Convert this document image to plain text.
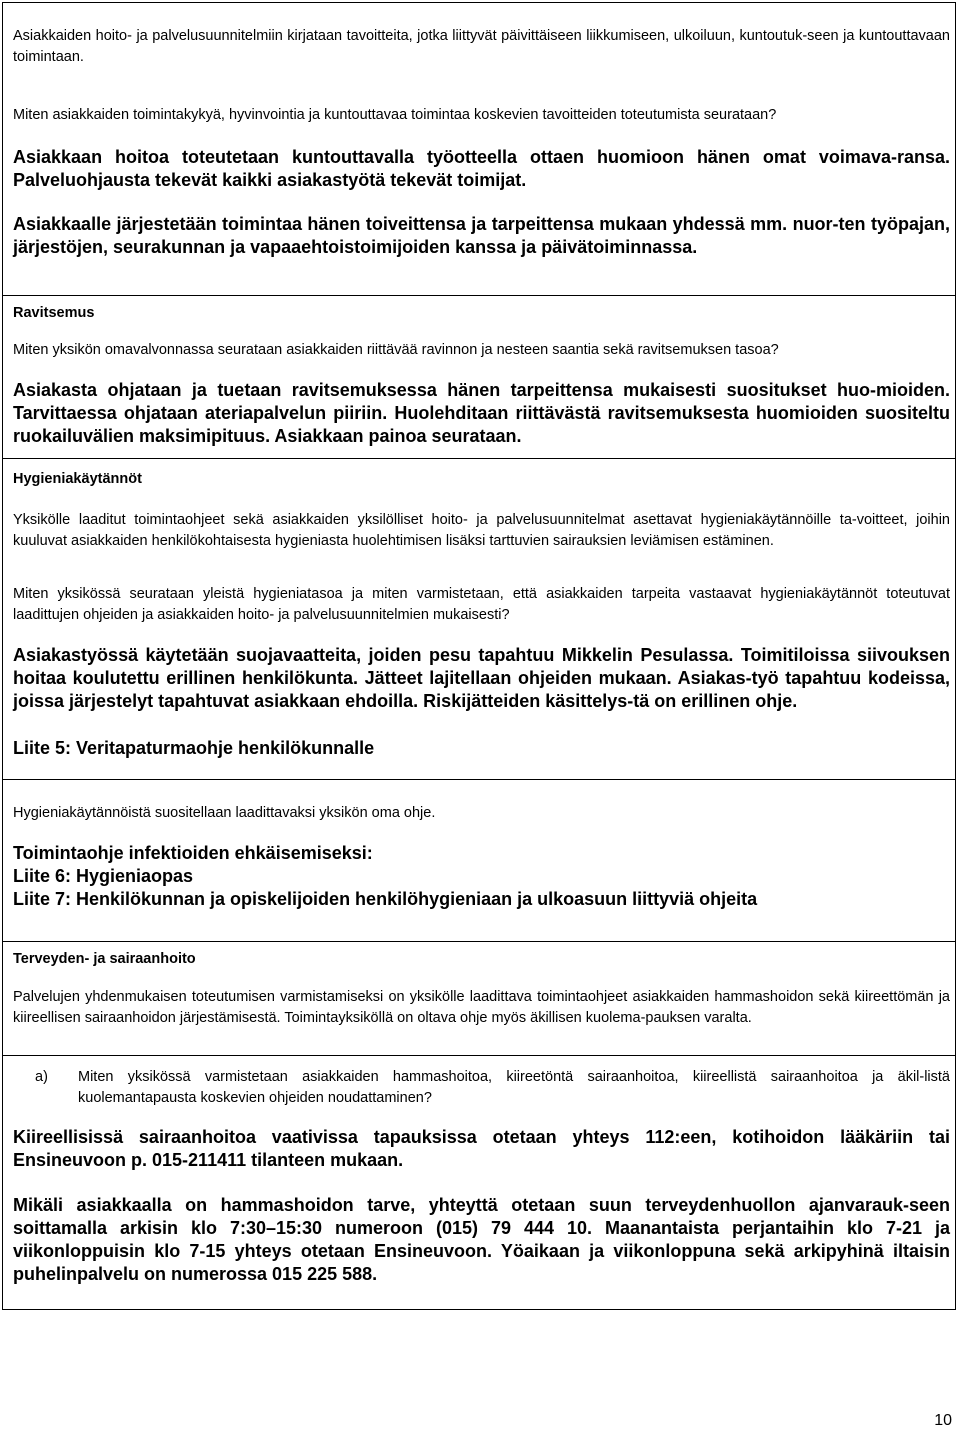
Asiakkaiden hoito- ja palvelusuunnitelmiin kirjataan tavoitteita, jotka liittyvät päivittäiseen liikkumiseen, ulkoiluun, kuntoutuk-seen ja kuntouttavaan toimintaan.

Miten asiakkaiden toimintakykyä, hyvinvointia ja kuntouttavaa toimintaa koskevien tavoitteiden toteutumista seurataan?

Asiakkaan hoitoa toteutetaan kuntouttavalla työotteella ottaen huomioon hänen omat voimava-ransa. Palveluohjausta tekevät kaikki asiakastyötä tekevät toimijat.

Asiakkaalle järjestetään toimintaa hänen toiveittensa ja tarpeittensa mukaan yhdessä mm. nuor-ten työpajan, järjestöjen, seurakunnan ja vapaaehtoistoimijoiden kanssa ja päivätoiminnassa.

Ravitsemus

Miten yksikön omavalvonnassa seurataan asiakkaiden riittävää ravinnon ja nesteen saantia sekä ravitsemuksen tasoa?

Asiakasta ohjataan ja tuetaan ravitsemuksessa hänen tarpeittensa mukaisesti suositukset huo-mioiden. Tarvittaessa ohjataan ateriapalvelun piiriin. Huolehditaan riittävästä ravitsemuksesta huomioiden suositeltu ruokailuvälien maksimipituus. Asiakkaan painoa seurataan.

Hygieniakäytännöt

Yksikölle laaditut toimintaohjeet sekä asiakkaiden yksilölliset hoito- ja palvelusuunnitelmat asettavat hygieniakäytännöille ta-voitteet, joihin kuuluvat asiakkaiden henkilökohtaisesta hygieniasta huolehtimisen lisäksi tarttuvien sairauksien leviämisen estäminen.

Miten yksikössä seurataan yleistä hygieniatasoa ja miten varmistetaan, että asiakkaiden tarpeita vastaavat hygieniakäytännöt toteutuvat laadittujen ohjeiden ja asiakkaiden hoito- ja palvelusuunnitelmien mukaisesti?

Asiakastyössä käytetään suojavaatteita, joiden pesu tapahtuu Mikkelin Pesulassa. Toimitiloissa siivouksen hoitaa koulutettu erillinen henkilökunta. Jätteet lajitellaan ohjeiden mukaan. Asiakas-työ tapahtuu kodeissa, joissa järjestelyt tapahtuvat asiakkaan ehdoilla. Riskijätteiden käsittelys-tä on erillinen ohje.

Liite 5: Veritapaturmaohje henkilökunnalle

Hygieniakäytännöistä suositellaan laadittavaksi yksikön oma ohje.

Toimintaohje infektioiden ehkäisemiseksi:

Liite 6: Hygieniaopas

Liite 7: Henkilökunnan ja opiskelijoiden henkilöhygieniaan ja ulkoasuun liittyviä ohjeita

Terveyden- ja sairaanhoito

Palvelujen yhdenmukaisen toteutumisen varmistamiseksi on yksikölle laadittava toimintaohjeet asiakkaiden hammashoidon sekä kiireettömän ja kiireellisen sairaanhoidon järjestämisestä. Toimintayksiköllä on oltava ohje myös äkillisen kuolema-pauksen varalta.

a)	Miten yksikössä varmistetaan asiakkaiden hammashoitoa, kiireetöntä sairaanhoitoa, kiireellistä sairaanhoitoa ja äkil-listä kuolemantapausta koskevien ohjeiden noudattaminen?

Kiireellisissä sairaanhoitoa vaativissa tapauksissa otetaan yhteys 112:een, kotihoidon lääkäriin tai Ensineuvoon p. 015-211411 tilanteen mukaan.

Mikäli asiakkaalla on hammashoidon tarve, yhteyttä otetaan suun terveydenhuollon ajanvarauk-seen soittamalla arkisin klo 7:30–15:30 numeroon (015) 79 444 10. Maanantaista perjantaihin klo 7-21 ja viikonloppuisin klo 7-15 yhteys otetaan Ensineuvoon. Yöaikaan ja viikonloppuna sekä arkipyhinä iltaisin puhelinpalvelu on numerossa 015 225 588.

10
